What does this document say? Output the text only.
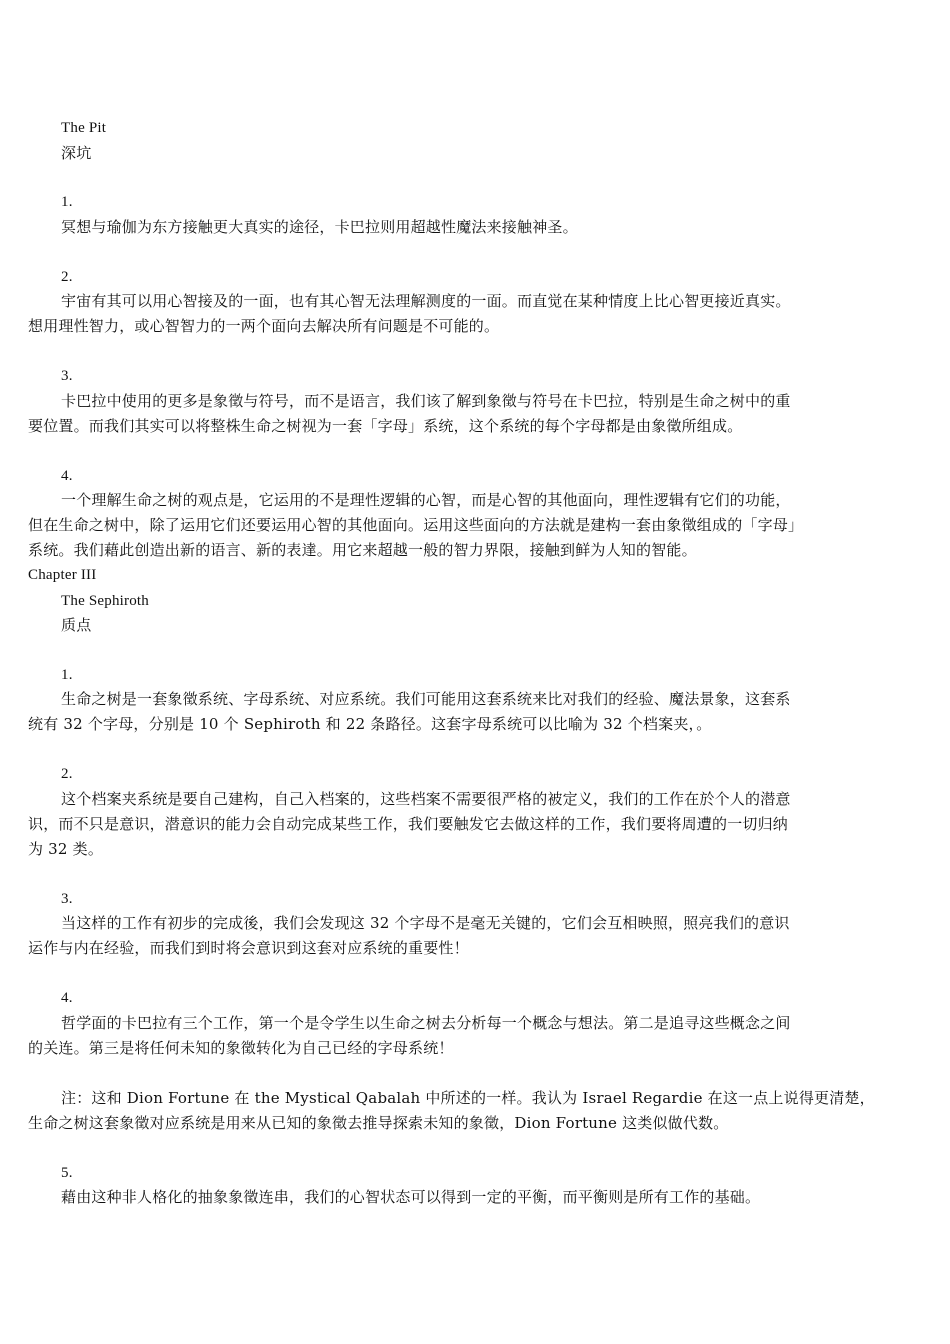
The Pit
深坑
1.
冥想与瑜伽为东方接触更大真实的途径，卡巴拉则用超越性魔法来接触神圣。
2.
宇宙有其可以用心智接及的一面，也有其心智无法理解测度的一面。而直觉在某种情度上比心智更接近真实。
想用理性智力，或心智智力的一两个面向去解决所有问题是不可能的。
3.
卡巴拉中使用的更多是象徵与符号，而不是语言，我们该了解到象徵与符号在卡巴拉，特别是生命之树中的重
要位置。而我们其实可以将整株生命之树视为一套「字母」系统，这个系统的每个字母都是由象徵所组成。
4.
一个理解生命之树的观点是，它运用的不是理性逻辑的心智，而是心智的其他面向，理性逻辑有它们的功能，
但在生命之树中，除了运用它们还要运用心智的其他面向。运用这些面向的方法就是建构一套由象徵组成的「字母」
系统。我们藉此创造出新的语言、新的表達。用它来超越一般的智力界限，接触到鲜为人知的智能。
Chapter III
The Sephiroth
质点
1.
生命之树是一套象徵系统、字母系统、对应系统。我们可能用这套系统来比对我们的经验、魔法景象，这套系
统有 32 个字母，分别是 10 个 Sephiroth 和 22 条路径。这套字母系统可以比喻为 32 个档案夹，。
2.
这个档案夹系统是要自己建构，自己入档案的，这些档案不需要很严格的被定义，我们的工作在於个人的潜意
识，而不只是意识，潜意识的能力会自动完成某些工作，我们要触发它去做这样的工作，我们要将周遭的一切归纳
为 32 类。
3.
当这样的工作有初步的完成後，我们会发现这 32 个字母不是毫无关键的，它们会互相映照，照亮我们的意识
运作与内在经验，而我们到时将会意识到这套对应系统的重要性！
4.
哲学面的卡巴拉有三个工作，第一个是令学生以生命之树去分析每一个概念与想法。第二是追寻这些概念之间
的关连。第三是将任何未知的象徵转化为自己已经的字母系统！
注：这和 Dion Fortune 在 the Mystical Qabalah 中所述的一样。我认为 Israel Regardie 在这一点上说得更清楚，
生命之树这套象徵对应系统是用来从已知的象徵去推导探索未知的象徵，Dion Fortune 这类似做代数。
5.
藉由这种非人格化的抽象象徵连串，我们的心智状态可以得到一定的平衡，而平衡则是所有工作的基础。
